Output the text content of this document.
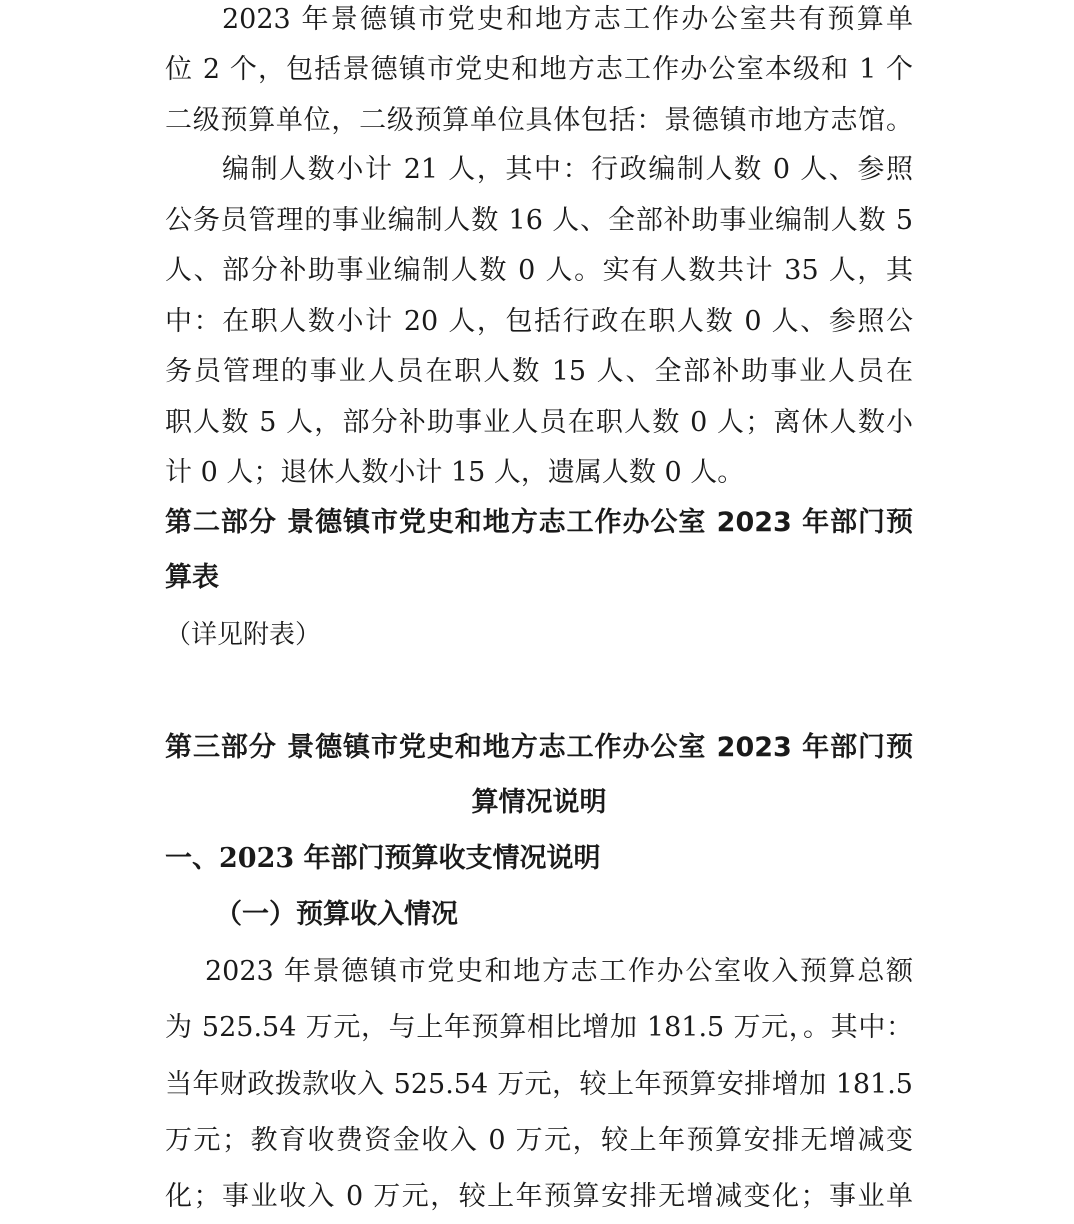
2023 年景德镇市党史和地方志工作办公室共有预算单
位 2 个，包括景德镇市党史和地方志工作办公室本级和 1 个
二级预算单位，二级预算单位具体包括：景德镇市地方志馆。
编制人数小计 21 人，其中：行政编制人数 0 人、参照
公务员管理的事业编制人数 16 人、全部补助事业编制人数 5
人、部分补助事业编制人数 0 人。实有人数共计 35 人，其
中：在职人数小计 20 人，包括行政在职人数 0 人、参照公
务员管理的事业人员在职人数 15 人、全部补助事业人员在
职人数 5 人，部分补助事业人员在职人数 0 人；离休人数小
计 0 人；退休人数小计 15 人，遗属人数 0 人。
第二部分 景德镇市党史和地方志工作办公室 2023 年部门预
算表
（详见附表）
第三部分 景德镇市党史和地方志工作办公室 2023 年部门预
算情况说明
一、2023 年部门预算收支情况说明
（一）预算收入情况
2023 年景德镇市党史和地方志工作办公室收入预算总额
为 525.54 万元，与上年预算相比增加 181.5 万元，。其中：
当年财政拨款收入 525.54 万元，较上年预算安排增加 181.5
万元；教育收费资金收入 0 万元，较上年预算安排无增减变
化；事业收入 0 万元，较上年预算安排无增减变化；事业单
